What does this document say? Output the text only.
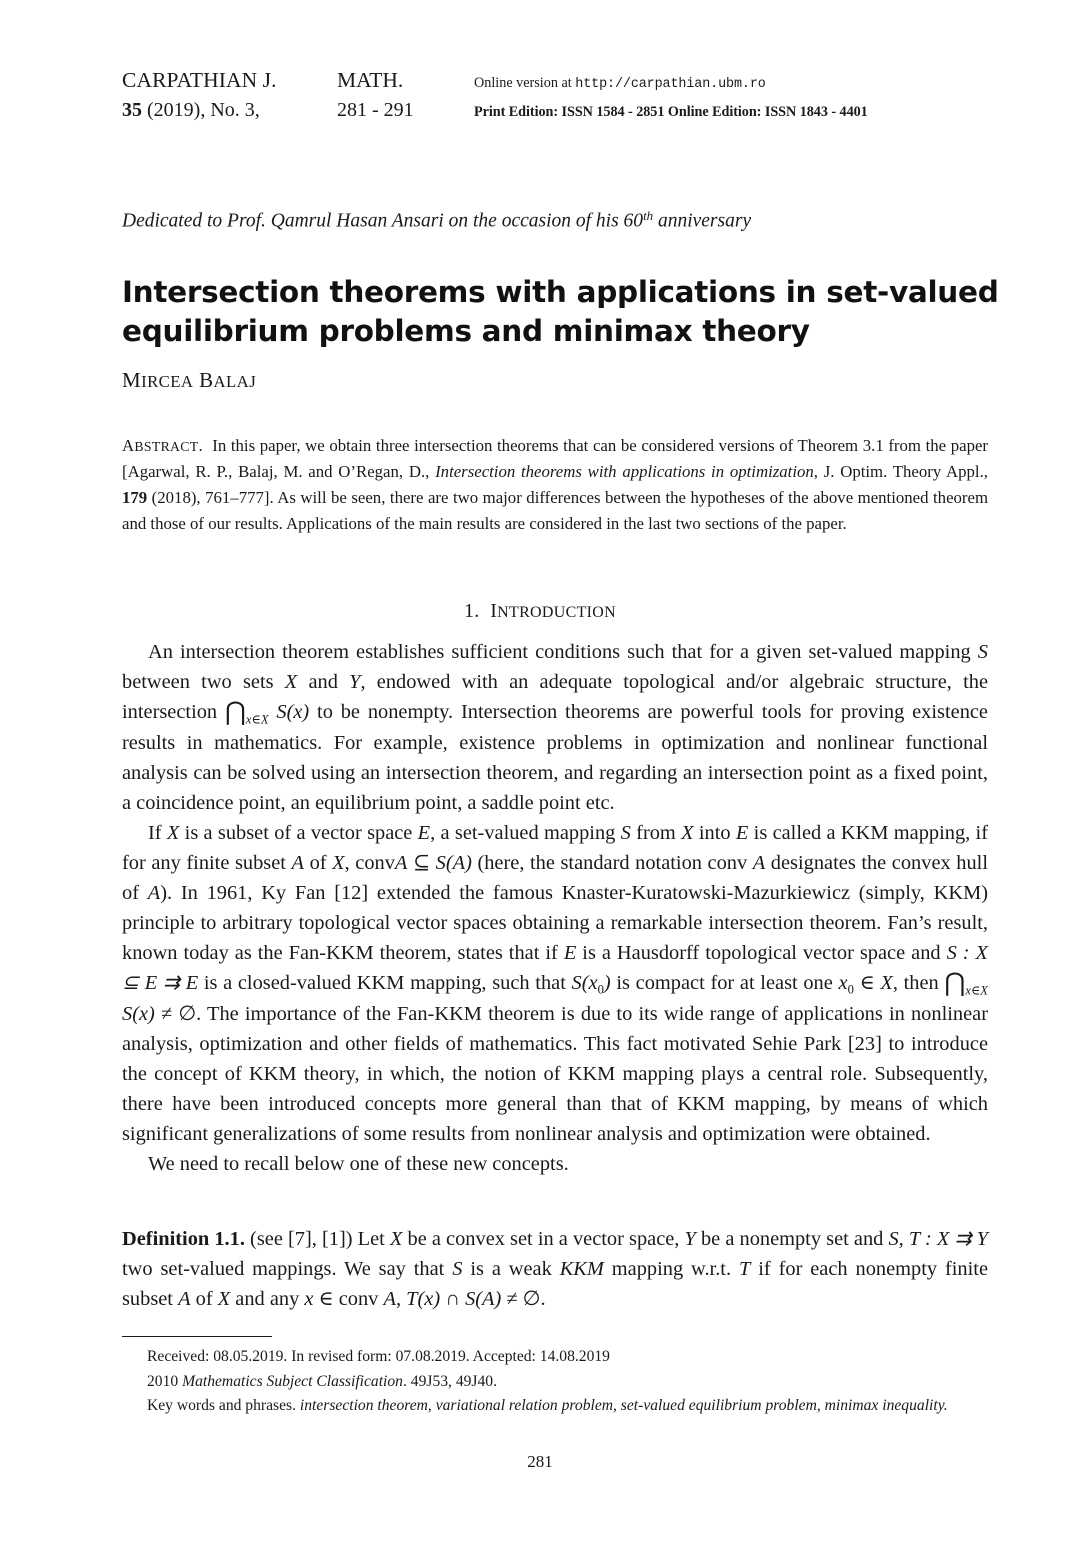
CARPATHIAN J.	MATH.	Online version at http://carpathian.ubm.ro
35 (2019), No. 3,	281 - 291	Print Edition: ISSN 1584 - 2851 Online Edition: ISSN 1843 - 4401
Dedicated to Prof. Qamrul Hasan Ansari on the occasion of his 60th anniversary
Intersection theorems with applications in set-valued equilibrium problems and minimax theory
MIRCEA BALAJ
ABSTRACT. In this paper, we obtain three intersection theorems that can be considered versions of Theorem 3.1 from the paper [Agarwal, R. P., Balaj, M. and O’Regan, D., Intersection theorems with applications in optimization, J. Optim. Theory Appl., 179 (2018), 761–777]. As will be seen, there are two major differences between the hypotheses of the above mentioned theorem and those of our results. Applications of the main results are considered in the last two sections of the paper.
1. INTRODUCTION

An intersection theorem establishes sufficient conditions such that for a given set-valued mapping S between two sets X and Y, endowed with an adequate topological and/or algebraic structure, the intersection $⋂_{x\in X}$ S(x) to be nonempty. Intersection theorems are powerful tools for proving existence results in mathematics. For example, existence problems in optimization and nonlinear functional analysis can be solved using an intersection theorem, and regarding an intersection point as a fixed point, a coincidence point, an equilibrium point, a saddle point etc.

If X is a subset of a vector space E, a set-valued mapping S from X into E is called a KKM mapping, if for any finite subset A of X, convA ⊆ S(A) (here, the standard notation conv A designates the convex hull of A). In 1961, Ky Fan [12] extended the famous Knaster-Kuratowski-Mazurkiewicz (simply, KKM) principle to arbitrary topological vector spaces obtaining a remarkable intersection theorem. Fan’s result, known today as the Fan-KKM theorem, states that if E is a Hausdorff topological vector space and S : X ⊆ E ⇉ E is a closed-valued KKM mapping, such that $S(x_0)$ is compact for at least one $x_0$ ∈ X, then $⋂_{x\in X}$ S(x) ≠ ∅. The importance of the Fan-KKM theorem is due to its wide range of applications in nonlinear analysis, optimization and other fields of mathematics. This fact motivated Sehie Park [23] to introduce the concept of KKM theory, in which, the notion of KKM mapping plays a central role. Subsequently, there have been introduced concepts more general than that of KKM mapping, by means of which significant generalizations of some results from nonlinear analysis and optimization were obtained.

We need to recall below one of these new concepts.

Definition 1.1. (see [7], [1]) Let X be a convex set in a vector space, Y be a nonempty set and S, T : X ⇉ Y two set-valued mappings. We say that S is a weak KKM mapping w.r.t. T if for each nonempty finite subset A of X and any x ∈ conv A, T(x) ∩ S(A) ≠ ∅.
Received: 08.05.2019. In revised form: 07.08.2019. Accepted: 14.08.2019
2010 Mathematics Subject Classification. 49J53, 49J40.
Key words and phrases. intersection theorem, variational relation problem, set-valued equilibrium problem, minimax inequality.
281
